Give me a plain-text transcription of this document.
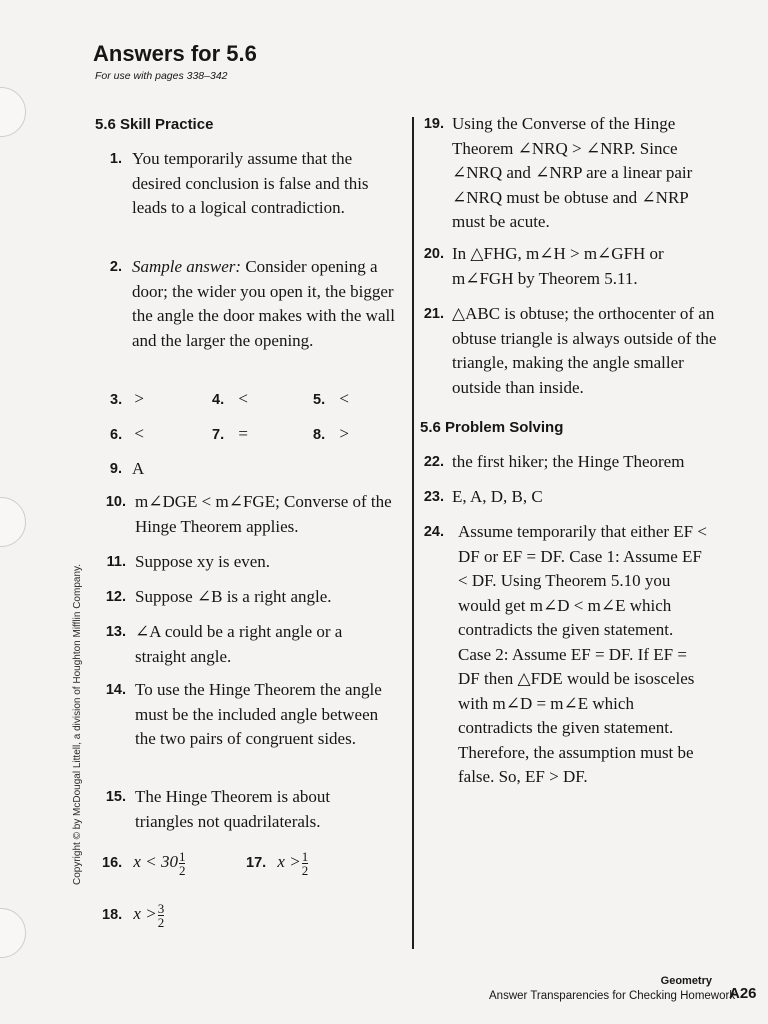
Answers for 5.6
For use with pages 338–342
5.6 Skill Practice
1. You temporarily assume that the desired conclusion is false and this leads to a logical contradiction.
2. Sample answer: Consider opening a door; the wider you open it, the bigger the angle the door makes with the wall and the larger the opening.
3. >	4. <	5. <
6. <	7. =	8. >
9. A
10. m∠DGE < m∠FGE; Converse of the Hinge Theorem applies.
11. Suppose xy is even.
12. Suppose ∠B is a right angle.
13. ∠A could be a right angle or a straight angle.
14. To use the Hinge Theorem the angle must be the included angle between the two pairs of congruent sides.
15. The Hinge Theorem is about triangles not quadrilaterals.
16. $x < 30 \frac{1}{2}$	17. $x > \frac{1}{2}$
18. $x > \frac{3}{2}$
19. Using the Converse of the Hinge Theorem ∠NRQ > ∠NRP. Since ∠NRQ and ∠NRP are a linear pair ∠NRQ must be obtuse and ∠NRP must be acute.
20. In △FHG, m∠H > m∠GFH or m∠FGH by Theorem 5.11.
21. △ABC is obtuse; the orthocenter of an obtuse triangle is always outside of the triangle, making the angle smaller outside than inside.
5.6 Problem Solving
22. the first hiker; the Hinge Theorem
23. E, A, D, B, C
24. Assume temporarily that either EF < DF or EF = DF. Case 1: Assume EF < DF. Using Theorem 5.10 you would get m∠D < m∠E which contradicts the given statement. Case 2: Assume EF = DF. If EF = DF then △FDE would be isosceles with m∠D = m∠E which contradicts the given statement. Therefore, the assumption must be false. So, EF > DF.
Copyright © by McDougal Littell, a division of Houghton Mifflin Company.
Geometry
Answer Transparencies for Checking Homework
A26
